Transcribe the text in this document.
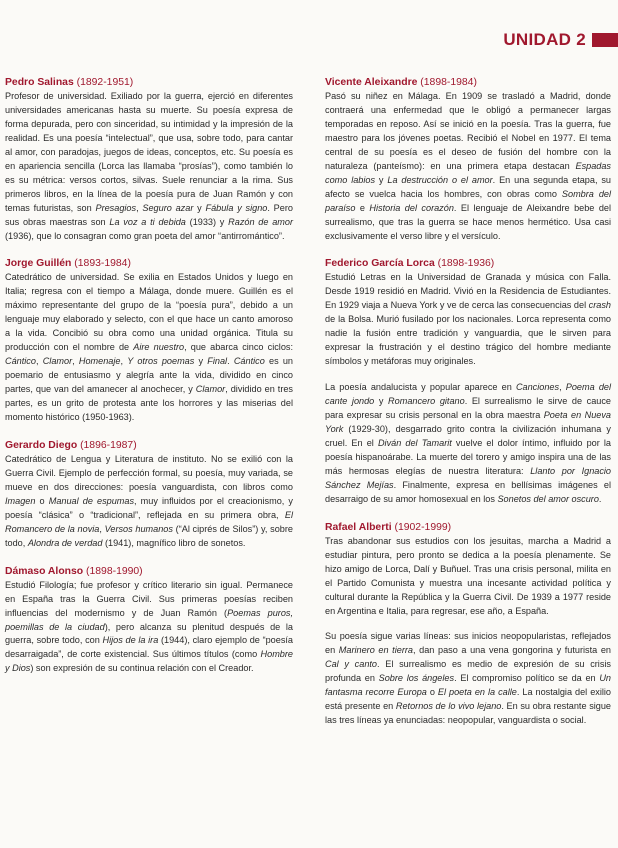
UNIDAD 2
Pedro Salinas (1892-1951)

Profesor de universidad. Exiliado por la guerra, ejerció en diferentes universidades americanas hasta su muerte. Su poesía expresa de forma depurada, pero con sinceridad, su intimidad y la impresión de la realidad. Es una poesía “intelectual”, que usa, sobre todo, para cantar al amor, con paradojas, juegos de ideas, conceptos, etc. Su poesía es en apariencia sencilla (Lorca las llamaba “prosías”), como también lo es su métrica: versos cortos, silvas. Suele renunciar a la rima. Sus primeros libros, en la línea de la poesía pura de Juan Ramón y con temas futuristas, son Presagios, Seguro azar y Fábula y signo. Pero sus obras maestras son La voz a ti debida (1933) y Razón de amor (1936), que lo consagran como gran poeta del amor “antirromántico”.

Jorge Guillén (1893-1984)

Catedrático de universidad. Se exilia en Estados Unidos y luego en Italia; regresa con el tiempo a Málaga, donde muere. Guillén es el máximo representante del grupo de la “poesía pura”, debido a un lenguaje muy elaborado y selecto, con el que hace un canto amoroso a la vida. Concibió su obra como una unidad orgánica. Titula su producción con el nombre de Aire nuestro, que abarca cinco ciclos: Cántico, Clamor, Homenaje, Y otros poemas y Final. Cántico es un poemario de entusiasmo y alegría ante la vida, dividido en cinco partes, que van del amanecer al anochecer, y Clamor, dividido en tres partes, es un grito de protesta ante los horrores y las miserias del momento histórico (1950-1963).

Gerardo Diego (1896-1987)

Catedrático de Lengua y Literatura de instituto. No se exilió con la Guerra Civil. Ejemplo de perfección formal, su poesía, muy variada, se mueve en dos direcciones: poesía vanguardista, con libros como Imagen o Manual de espumas, muy influidos por el creacionismo, y poesía “clásica” o “tradicional”, reflejada en su primera obra, El Romancero de la novia, Versos humanos (“Al ciprés de Silos”) y, sobre todo, Alondra de verdad (1941), magnífico libro de sonetos.

Dámaso Alonso (1898-1990)

Estudió Filología; fue profesor y crítico literario sin igual. Permanece en España tras la Guerra Civil. Sus primeras poesías reciben influencias del modernismo y de Juan Ramón (Poemas puros, poemillas de la ciudad), pero alcanza su plenitud después de la guerra, sobre todo, con Hijos de la ira (1944), claro ejemplo de “poesía desarraigada”, de corte existencial. Sus últimos títulos (como Hombre y Dios) son expresión de su continua relación con el Creador.

Vicente Aleixandre (1898-1984)

Pasó su niñez en Málaga. En 1909 se trasladó a Madrid, donde contraerá una enfermedad que le obligó a permanecer largas temporadas en reposo. Así se inició en la poesía. Tras la guerra, fue maestro para los jóvenes poetas. Recibió el Nobel en 1977. El tema central de su poesía es el deseo de fusión del hombre con la naturaleza (panteísmo): en una primera etapa destacan Espadas como labios y La destrucción o el amor. En una segunda etapa, su afecto se vuelca hacia los hombres, con obras como Sombra del paraíso e Historia del corazón. El lenguaje de Aleixandre bebe del surrealismo, que tras la guerra se hace menos hermético. Usa casi exclusivamente el verso libre y el versículo.

Federico García Lorca (1898-1936)

Estudió Letras en la Universidad de Granada y música con Falla. Desde 1919 residió en Madrid. Vivió en la Residencia de Estudiantes. En 1929 viaja a Nueva York y ve de cerca las consecuencias del crash de la Bolsa. Murió fusilado por los nacionales. Lorca representa como nadie la fusión entre tradición y vanguardia, que le sirven para expresar la frustración y el destino trágico del hombre mediante símbolos y metáforas muy originales.

La poesía andalucista y popular aparece en Canciones, Poema del cante jondo y Romancero gitano. El surrealismo le sirve de cauce para expresar su crisis personal en la obra maestra Poeta en Nueva York (1929-30), desgarrado grito contra la civilización inhumana y cruel. En el Diván del Tamarit vuelve el dolor íntimo, influido por la poesía hispanoárabe. La muerte del torero y amigo inspira una de las más hermosas elegías de nuestra literatura: Llanto por Ignacio Sánchez Mejías. Finalmente, expresa en bellísimas imágenes el desarraigo de su amor homosexual en los Sonetos del amor oscuro.

Rafael Alberti (1902-1999)

Tras abandonar sus estudios con los jesuitas, marcha a Madrid a estudiar pintura, pero pronto se dedica a la poesía plenamente. Se hizo amigo de Lorca, Dalí y Buñuel. Tras una crisis personal, milita en el Partido Comunista y muestra una incesante actividad política y cultural durante la República y la Guerra Civil. De 1939 a 1977 reside en Argentina e Italia, para regresar, ese año, a España.

Su poesía sigue varias líneas: sus inicios neopopularistas, reflejados en Marinero en tierra, dan paso a una vena gongorina y futurista en Cal y canto. El surrealismo es medio de expresión de su crisis profunda en Sobre los ángeles. El compromiso político se da en Un fantasma recorre Europa o El poeta en la calle. La nostalgia del exilio está presente en Retornos de lo vivo lejano. En su obra restante sigue las tres líneas ya enunciadas: neopopular, vanguardista o social.
